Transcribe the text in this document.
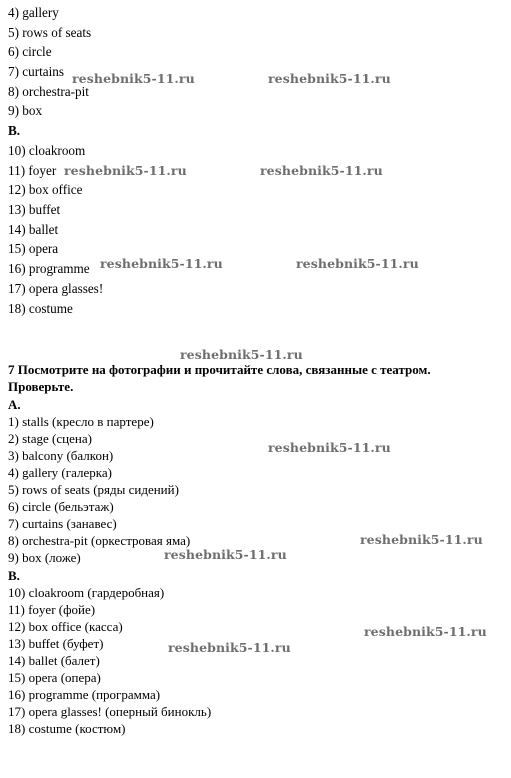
4) gallery
5) rows of seats
6) circle
7) curtains
8) orchestra-pit
9) box
B.
10) cloakroom
11) foyer
12) box office
13) buffet
14) ballet
15) opera
16) programme
17) opera glasses!
18) costume
7 Посмотрите на фотографии и прочитайте слова, связанные с театром.
Проверьте.
A.
1) stalls (кресло в партере)
2) stage (сцена)
3) balcony (балкон)
4) gallery (галерка)
5) rows of seats (ряды сидений)
6) circle (бельэтаж)
7) curtains (занавес)
8) orchestra-pit (оркестровая яма)
9) box (ложе)
B.
10) cloakroom (гардеробная)
11) foyer (фойе)
12) box office (касса)
13) buffet (буфет)
14) ballet (балет)
15) opera (опера)
16) programme (программа)
17) opera glasses! (оперный бинокль)
18) costume (костюм)
reshebnik5-11.ru	reshebnik5-11.ru
reshebnik5-11.ru	reshebnik5-11.ru
reshebnik5-11.ru	reshebnik5-11.ru
reshebnik5-11.ru
reshebnik5-11.ru
reshebnik5-11.ru
reshebnik5-11.ru
reshebnik5-11.ru
reshebnik5-11.ru
